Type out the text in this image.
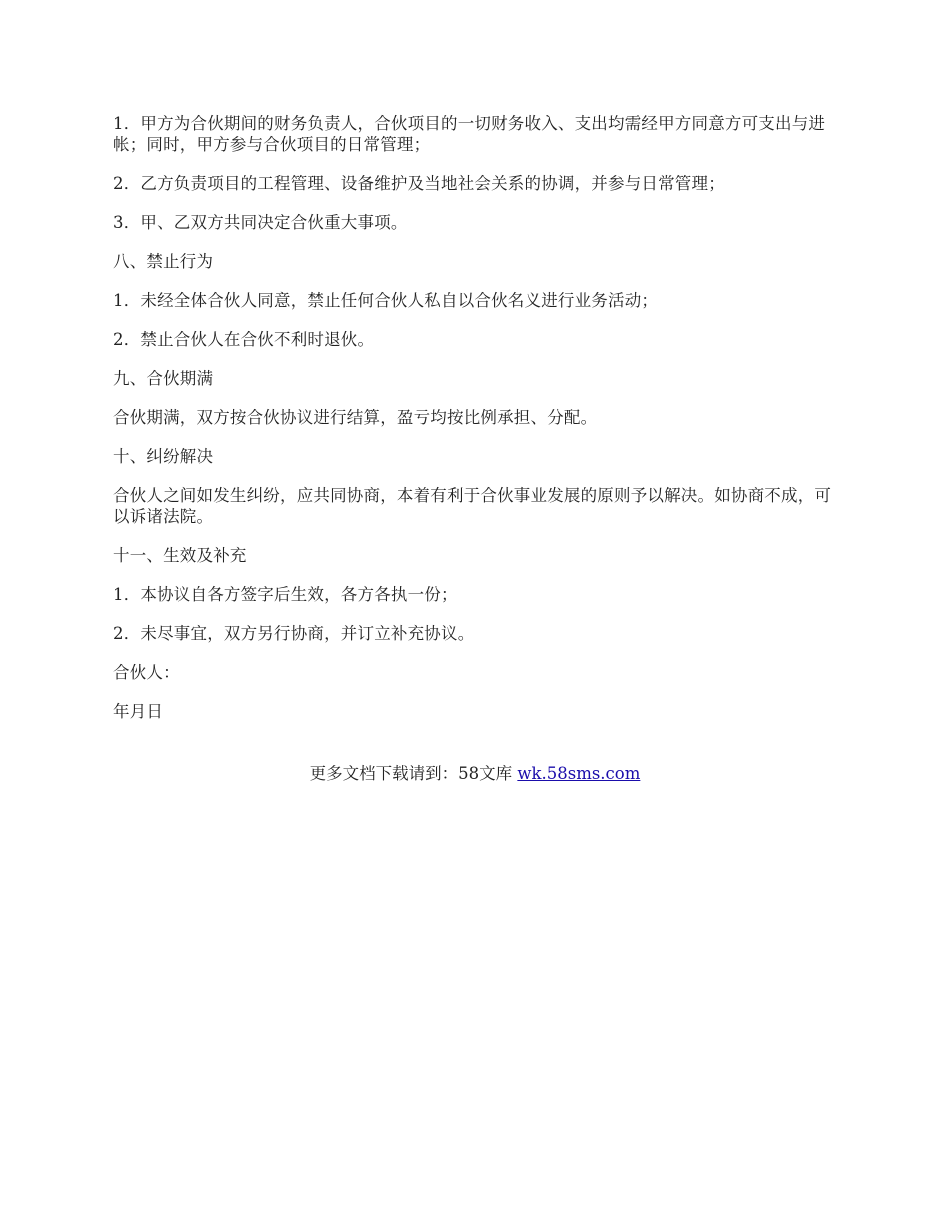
1．甲方为合伙期间的财务负责人，合伙项目的一切财务收入、支出均需经甲方同意方可支出与进帐；同时，甲方参与合伙项目的日常管理；

2．乙方负责项目的工程管理、设备维护及当地社会关系的协调，并参与日常管理；

3．甲、乙双方共同决定合伙重大事项。

八、禁止行为

1．未经全体合伙人同意，禁止任何合伙人私自以合伙名义进行业务活动；

2．禁止合伙人在合伙不利时退伙。

九、合伙期满

合伙期满，双方按合伙协议进行结算，盈亏均按比例承担、分配。

十、纠纷解决

合伙人之间如发生纠纷，应共同协商，本着有利于合伙事业发展的原则予以解决。如协商不成，可以诉诸法院。

十一、生效及补充

1．本协议自各方签字后生效，各方各执一份；

2．未尽事宜，双方另行协商，并订立补充协议。

合伙人：

年月日

更多文档下载请到：58文库 wk.58sms.com
